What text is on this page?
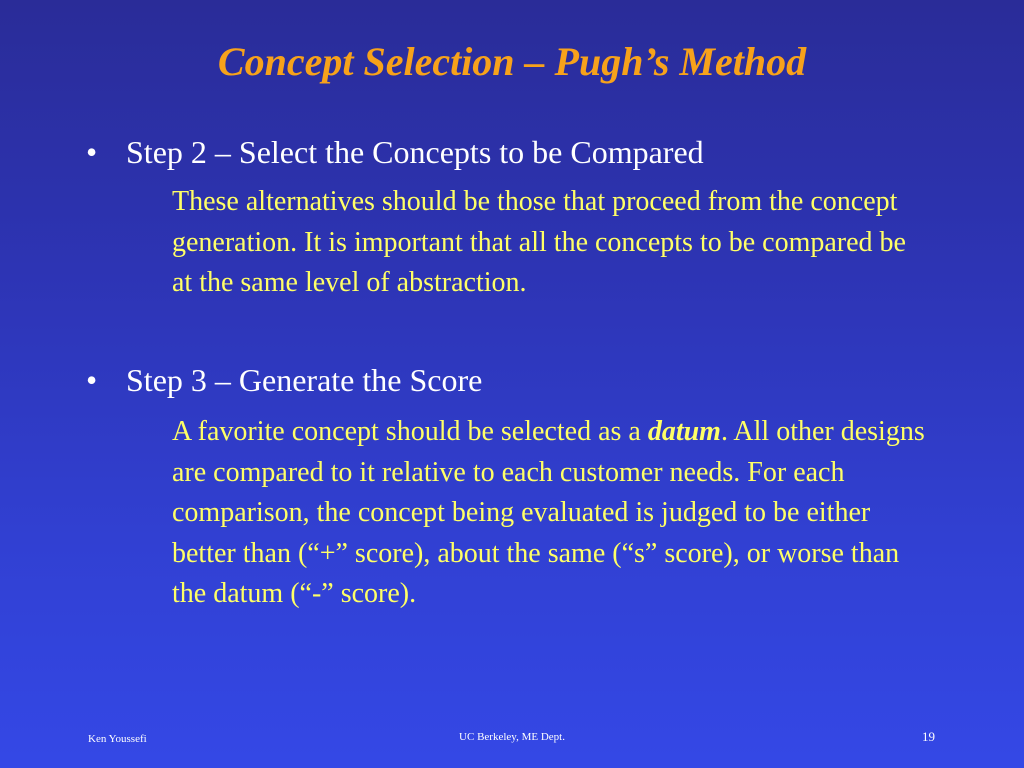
Concept Selection – Pugh’s Method
• Step 2 – Select the Concepts to be Compared
These alternatives should be those that proceed from the concept generation. It is important that all the concepts to be compared be at the same level of abstraction.
• Step 3 – Generate the Score
A favorite concept should be selected as a datum. All other designs are compared to it relative to each customer needs. For each comparison, the concept being evaluated is judged to be either better than (“+” score), about the same (“s” score), or worse than the datum (“-” score).
Ken Youssefi	UC Berkeley, ME Dept.	19
